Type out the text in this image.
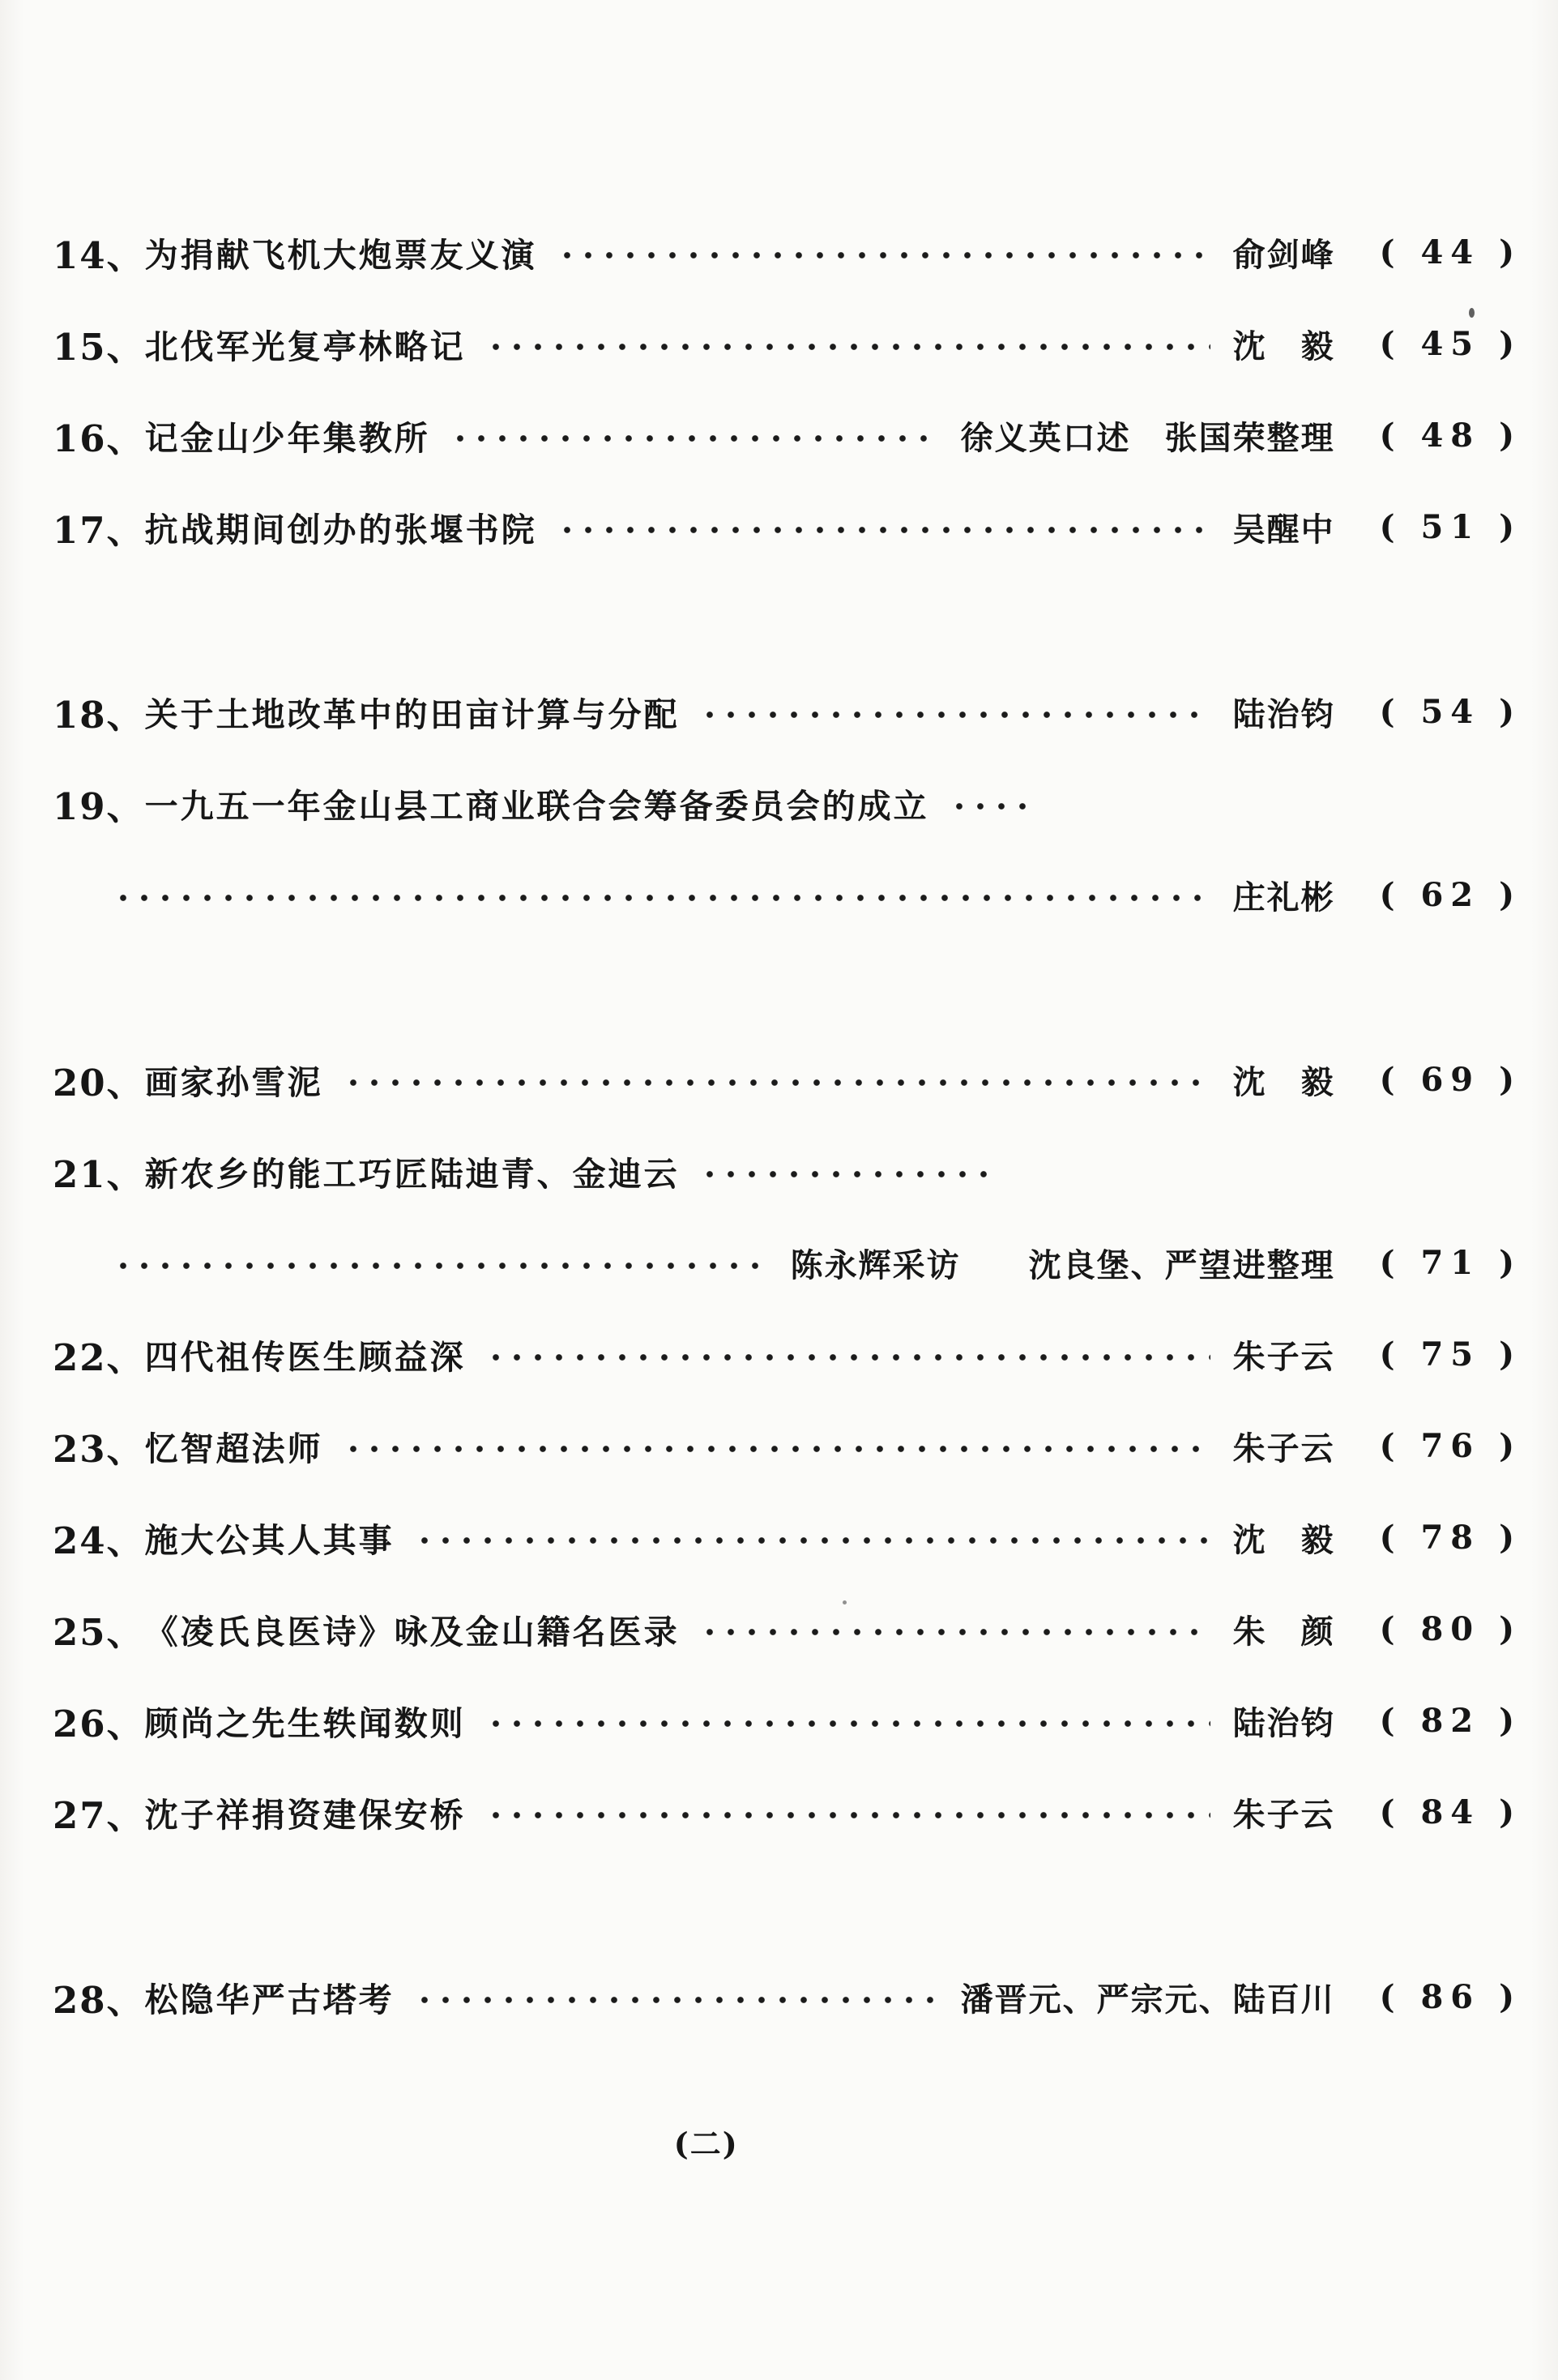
14、 为捐献飞机大炮票友义演	俞剑峰 ( 44 )
15、 北伐军光复亭林略记	沈　毅 ( 45 )
16、 记金山少年集教所	徐义英口述　张国荣整理 ( 48 )
17、 抗战期间创办的张堰书院	吴醒中 ( 51 )
18、 关于土地改革中的田亩计算与分配	陆治钧 ( 54 )
19、 一九五一年金山县工商业联合会筹备委员会的成立
庄礼彬 ( 62 )
20、 画家孙雪泥	沈　毅 ( 69 )
21、 新农乡的能工巧匠陆迪青、金迪云
陈永辉采访　　沈良堡、严望进整理 ( 71 )
22、 四代祖传医生顾益深	朱子云 ( 75 )
23、 忆智超法师	朱子云 ( 76 )
24、 施大公其人其事	沈　毅 ( 78 )
25、 《凌氏良医诗》咏及金山籍名医录	朱　颜 ( 80 )
26、 顾尚之先生轶闻数则	陆治钧 ( 82 )
27、 沈子祥捐资建保安桥	朱子云 ( 84 )
28、 松隐华严古塔考	潘晋元、严宗元、陆百川 ( 86 )
(二)
